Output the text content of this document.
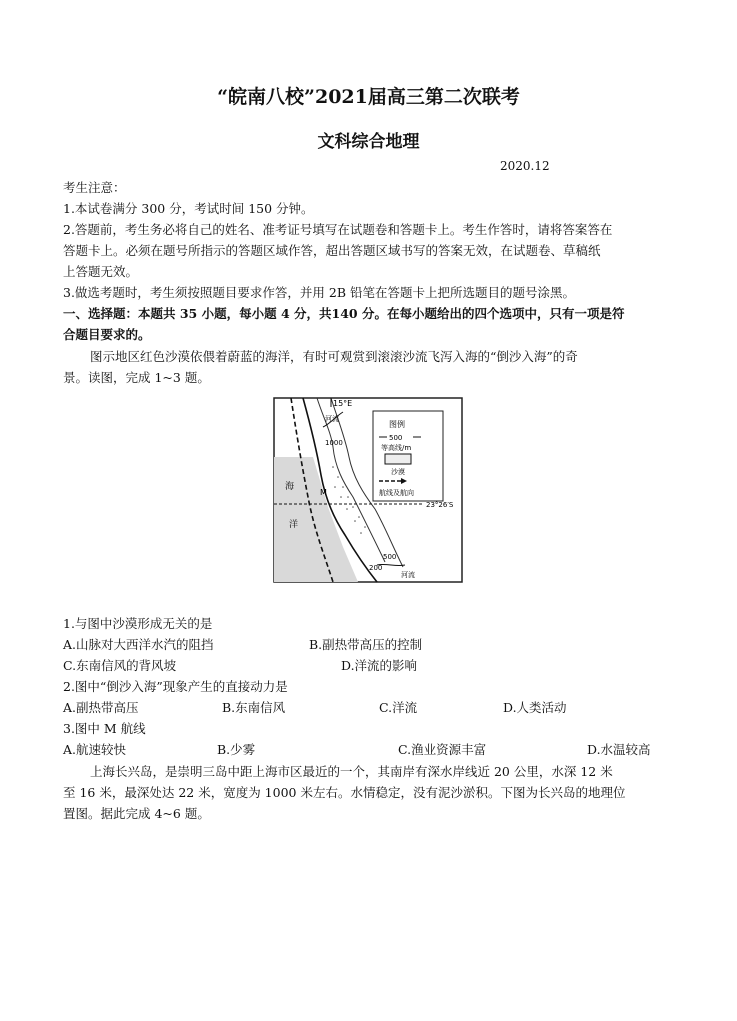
“皖南八校”2021届高三第二次联考
文科综合地理
2020.12
考生注意：
1.本试卷满分 300 分，考试时间 150 分钟。
2.答题前，考生务必将自己的姓名、准考证号填写在试题卷和答题卡上。考生作答时，请将答案答在
答题卡上。必须在题号所指示的答题区域作答，超出答题区域书写的答案无效，在试题卷、草稿纸
上答题无效。
3.做选考题时，考生须按照题目要求作答，并用 2B 铅笔在答题卡上把所选题目的题号涂黑。
一、选择题：本题共 35 小题，每小题 4 分，共140 分。在每小题给出的四个选项中，只有一项是符
合题目要求的。
图示地区红色沙漠依偎着蔚蓝的海洋，有时可观赏到滚滚沙流飞泻入海的“倒沙入海”的奇
景。读图，完成 1~3 题。
图例
500
等高线/m
沙漠
航线及航向
15°E
23°26′S
河流
河流
1000
500
200
海
洋
M
1.与图中沙漠形成无关的是
A.山脉对大西洋水汽的阻挡	B.副热带高压的控制
C.东南信风的背风坡	D.洋流的影响
2.图中“倒沙入海”现象产生的直接动力是
A.副热带高压	B.东南信风	C.洋流	D.人类活动
3.图中 M 航线
A.航速较快	B.少雾	C.渔业资源丰富	D.水温较高
上海长兴岛，是崇明三岛中距上海市区最近的一个，其南岸有深水岸线近 20 公里，水深 12 米
至 16 米，最深处达 22 米，宽度为 1000 米左右。水情稳定，没有泥沙淤积。下图为长兴岛的地理位
置图。据此完成 4~6 题。
